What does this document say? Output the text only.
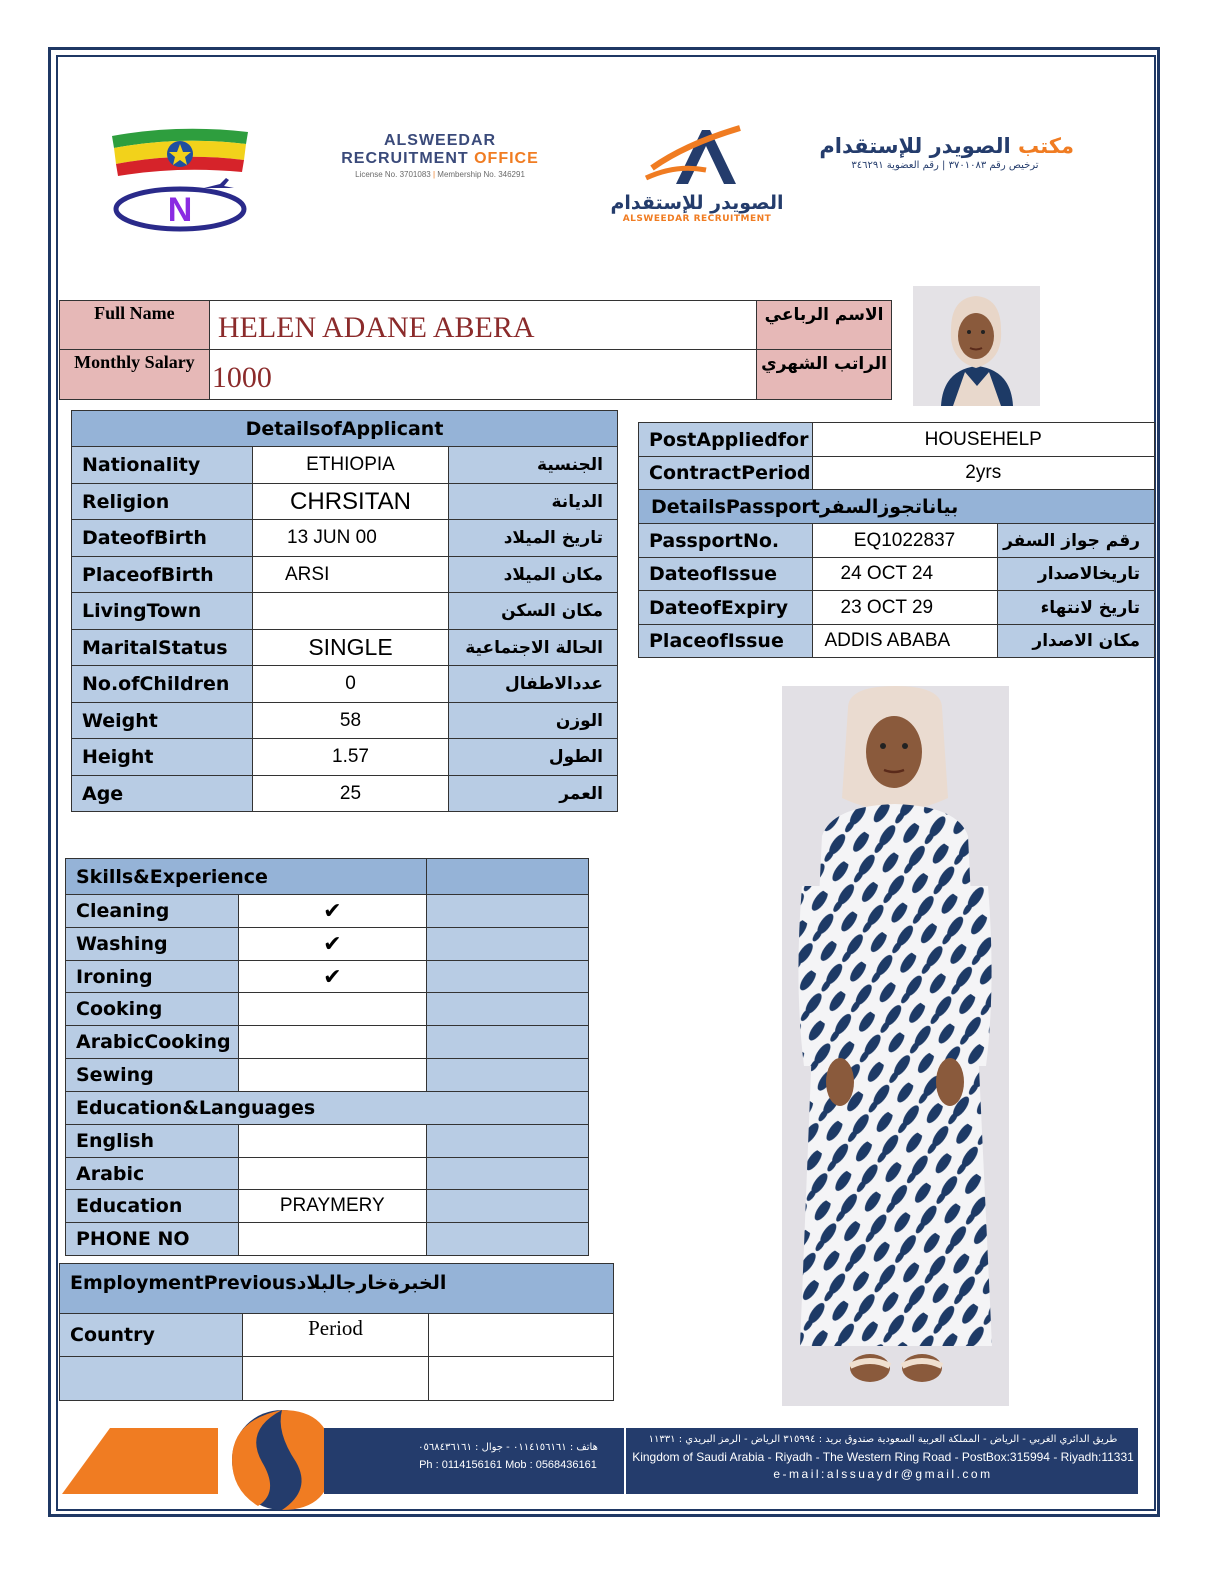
N
ALSWEEDAR
RECRUITMENT OFFICE
License No. 3701083 | Membership No. 346291
الصويدر للإستقدام
ALSWEEDAR RECRUITMENT
مكتب الصويدر للإستقدام
ترخيص رقم ٣٧٠١٠٨٣ | رقم العضوية ٣٤٦٢٩١
Full Name	HELEN ADANE ABERA	الاسم الرباعي
Monthly Salary	1000	الراتب الشهري
DetailsofApplicant		
Nationality	ETHIOPIA	الجنسية
Religion	CHRSITAN	الديانة
DateofBirth	13 JUN 00	تاريخ الميلاد
PlaceofBirth	ARSI	مكان الميلاد
LivingTown		مكان السكن
MaritalStatus	SINGLE	الحالة الاجتماعية
No.ofChildren	0	عددالاطفال
Weight	58	الوزن
Height	1.57	الطول
Age	25	العمر
PostAppliedfor	HOUSEHELP	
ContractPeriod	2yrs	
DetailsPassportبياناتجوزالسفر		
PassportNo.	EQ1022837	رقم جواز السفر
DateofIssue	24 OCT 24	تاريخالاصدار
DateofExpiry	23 OCT 29	تاريخ لانتهاء
PlaceofIssue	ADDIS ABABA	مكان الاصدار
Skills&Experience		
Cleaning	✔	
Washing	✔	
Ironing	✔	
Cooking		
ArabicCooking		
Sewing		
Education&Languages		
English		
Arabic		
Education	PRAYMERY	
PHONE NO		
EmploymentPreviousالخبرةخارجالبلاد		
Country	Period	

هاتف : ٠١١٤١٥٦١٦١ - جوال : ٠٥٦٨٤٣٦١٦١
Ph : 0114156161 Mob : 0568436161
طريق الدائري الغربي - الرياض - المملكة العربية السعودية صندوق بريد : ٣١٥٩٩٤ الرياض - الرمز البريدي : ١١٣٣١
Kingdom of Saudi Arabia - Riyadh - The Western Ring Road - PostBox:315994 - Riyadh:11331
e-mail:alssuaydr@gmail.com
